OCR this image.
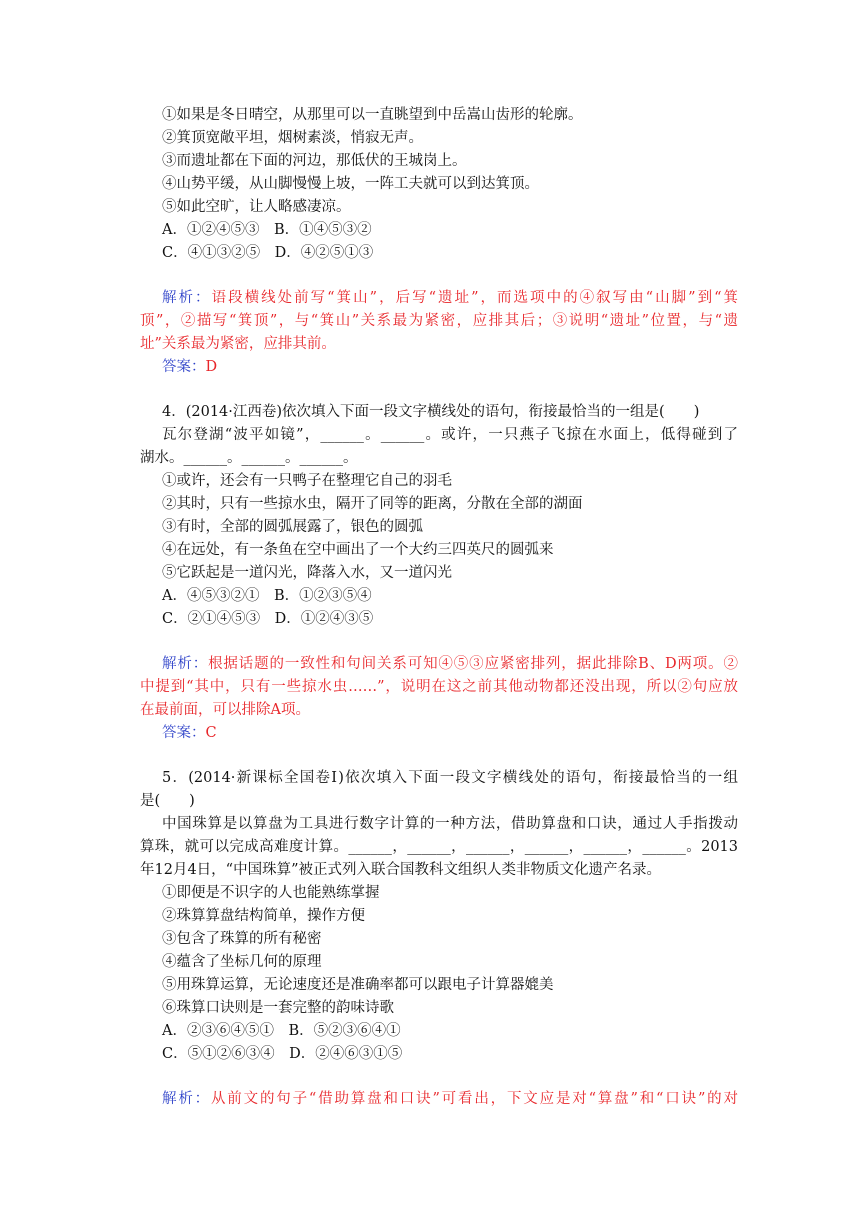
①如果是冬日晴空，从那里可以一直眺望到中岳嵩山齿形的轮廓。
②箕顶宽敞平坦，烟树素淡，悄寂无声。
③而遗址都在下面的河边，那低伏的王城岗上。
④山势平缓，从山脚慢慢上坡，一阵工夫就可以到达箕顶。
⑤如此空旷，让人略感凄凉。
A．①②④⑤③　B．①④⑤③②
C．④①③②⑤　D．④②⑤①③
解析：语段横线处前写“箕山”，后写“遗址”，而选项中的④叙写由“山脚”到“箕
顶”，②描写“箕顶”，与“箕山”关系最为紧密，应排其后；③说明“遗址”位置，与“遗
址”关系最为紧密，应排其前。
答案：D
4．(2014·江西卷)依次填入下面一段文字横线处的语句，衔接最恰当的一组是(　　)
瓦尔登湖“波平如镜”，______。______。或许，一只燕子飞掠在水面上，低得碰到了
湖水。______。______。______。
①或许，还会有一只鸭子在整理它自己的羽毛
②其时，只有一些掠水虫，隔开了同等的距离，分散在全部的湖面
③有时，全部的圆弧展露了，银色的圆弧
④在远处，有一条鱼在空中画出了一个大约三四英尺的圆弧来
⑤它跃起是一道闪光，降落入水，又一道闪光
A．④⑤③②①　B．①②③⑤④
C．②①④⑤③　D．①②④③⑤
解析：根据话题的一致性和句间关系可知④⑤③应紧密排列，据此排除B、D两项。②
中提到“其中，只有一些掠水虫……”，说明在这之前其他动物都还没出现，所以②句应放
在最前面，可以排除A项。
答案：C
5．(2014·新课标全国卷Ⅰ)依次填入下面一段文字横线处的语句，衔接最恰当的一组
是(　　)
中国珠算是以算盘为工具进行数字计算的一种方法，借助算盘和口诀，通过人手指拨动
算珠，就可以完成高难度计算。______，______，______，______，______，______。2013
年12月4日，“中国珠算”被正式列入联合国教科文组织人类非物质文化遗产名录。
①即便是不识字的人也能熟练掌握
②珠算算盘结构简单，操作方便
③包含了珠算的所有秘密
④蕴含了坐标几何的原理
⑤用珠算运算，无论速度还是准确率都可以跟电子计算器媲美
⑥珠算口诀则是一套完整的韵味诗歌
A．②③⑥④⑤①　B．⑤②③⑥④①
C．⑤①②⑥③④　D．②④⑥③①⑤
解析：从前文的句子“借助算盘和口诀”可看出，下文应是对“算盘”和“口诀”的对
